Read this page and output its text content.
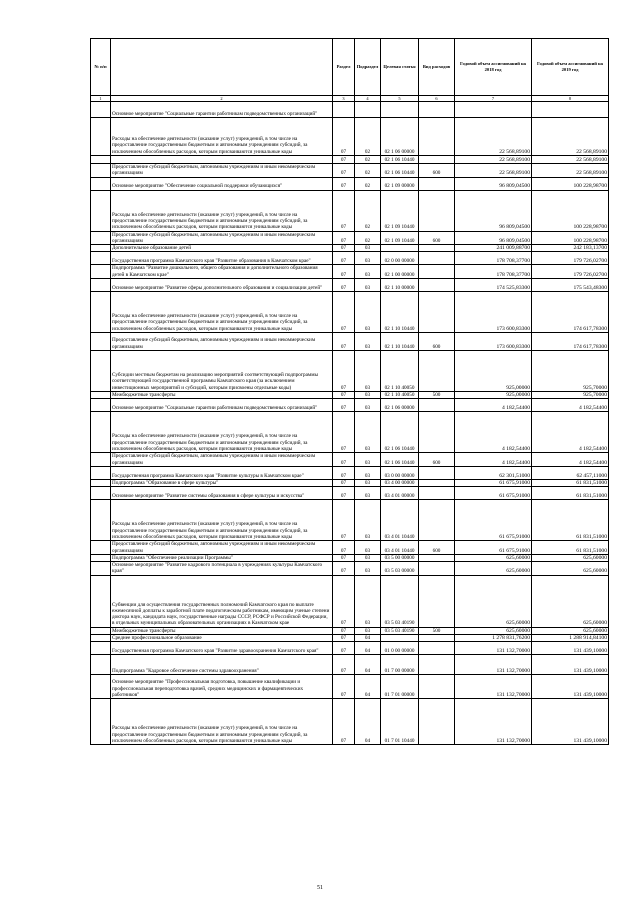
№ п/п		Раздел	Подраздел	Целевая статья	Вид расходов	Годовой объем ассигнований на 2018 год	Годовой объем ассигнований на 2019 год
1	2	3	4	5	6	7	8
	Основное мероприятие "Социальные гарантии работникам подведомственных организаций"						
	Расходы на обеспечение деятельности (оказание услуг) учреждений, в том числе на предоставление государственным бюджетным и автономным учреждениям субсидий, за исключением обособленных расходов, которым присваиваются уникальные коды	07	02	02 1 06 00000		22 568,89100	22 568,89100
		07	02	02 1 06 10440		22 568,89100	22 568,89100
	Предоставление субсидий бюджетным, автономным учреждениям и иным некоммерческим организациям	07	02	02 1 06 10440	600	22 568,89100	22 568,89100
	Основное мероприятие "Обеспечение социальной поддержки обучающихся"	07	02	02 1 09 00000		96 809,04500	100 228,98700
	Расходы на обеспечение деятельности (оказание услуг) учреждений, в том числе на предоставление государственным бюджетным и автономным учреждениям субсидий, за исключением обособленных расходов, которым присваиваются уникальные коды	07	02	02 1 09 10440		96 809,04500	100 228,98700
	Предоставление субсидий бюджетным, автономным учреждениям и иным некоммерческим организациям	07	02	02 1 09 10440	600	96 809,04500	100 228,98700
	Дополнительное образование детей	07	03			241 009,88700	242 183,13700
	Государственная программа Камчатского края "Развитие образования в Камчатском крае"	07	03	02 0 00 00000		178 708,37700	179 726,02700
	Подпрограмма "Развитие дошкольного, общего образования и дополнительного образования детей в Камчатском крае"	07	03	02 1 00 00000		178 708,37700	179 726,02700
	Основное мероприятие "Развитие сферы дополнительного образования и социализации детей"	07	03	02 1 10 00000		174 525,83300	175 543,48300
	Расходы на обеспечение деятельности (оказание услуг) учреждений, в том числе на предоставление государственным бюджетным и автономным учреждениям субсидий, за исключением обособленных расходов, которым присваиваются уникальные коды	07	03	02 1 10 10440		173 600,83300	174 617,78300
	Предоставление субсидий бюджетным, автономным учреждениям и иным некоммерческим организациям	07	03	02 1 10 10440	600	173 600,83300	174 617,78300
	Субсидии местным бюджетам на реализацию мероприятий соответствующей подпрограммы соответствующей государственной программы Камчатского края (за исключением инвестиционных мероприятий и субсидий, которым присвоены отдельные коды)	07	03	02 1 10 40050		925,00000	925,70000
	Межбюджетные трансферты	07	03	02 1 10 40050	500	925,00000	925,70000
	Основное мероприятие "Социальные гарантии работникам подведомственных организаций"	07	03	02 1 06 00000		4 182,54400	4 182,54400
	Расходы на обеспечение деятельности (оказание услуг) учреждений, в том числе на предоставление государственным бюджетным и автономным учреждениям субсидий, за исключением обособленных расходов, которым присваиваются уникальные коды	07	03	02 1 06 10440		4 182,54400	4 182,54400
	Предоставление субсидий бюджетным, автономным учреждениям и иным некоммерческим организациям	07	03	02 1 06 10440	600	4 182,54400	4 182,54400
	Государственная программа Камчатского края "Развитие культуры в Камчатском крае"	07	03	03 0 00 00000		62 301,51000	62 457,11000
	Подпрограмма "Образование в сфере культуры"	07	03	03 4 00 00000		61 675,91000	61 831,51000
	Основное мероприятие "Развитие системы образования в сфере культуры и искусства"	07	03	03 4 01 00000		61 675,91000	61 831,51000
	Расходы на обеспечение деятельности (оказание услуг) учреждений, в том числе на предоставление государственным бюджетным и автономным учреждениям субсидий, за исключением обособленных расходов, которым присваиваются уникальные коды	07	03	03 4 01 10440		61 675,91000	61 831,51000
	Предоставление субсидий бюджетным, автономным учреждениям и иным некоммерческим организациям	07	03	03 4 01 10440	600	61 675,91000	61 831,51000
	Подпрограмма "Обеспечение реализации Программы"	07	03	03 5 00 00000		625,60000	625,60000
	Основное мероприятие "Развитие кадрового потенциала в учреждениях культуры Камчатского края"	07	03	03 5 03 00000		625,60000	625,60000
	Субвенции для осуществления государственных полномочий Камчатского края по выплате ежемесячной доплаты к заработной плате педагогическим работникам, имеющим ученые степени доктора наук, кандидата наук, государственные награды СССР, РСФСР и Российской Федерации, в отдельных муниципальных образовательных организациях в Камчатском крае	07	03	03 5 03 40190		625,60000	625,60000
	Межбюджетные трансферты	07	03	03 5 03 40190	500	625,60000	625,60000
	Среднее профессиональное образование	07	04			1 278 831,76200	1 288 914,84100
	Государственная программа Камчатского края "Развитие здравоохранения Камчатского края"	07	04	01 0 00 00000		131 132,70000	131 439,10000
	Подпрограмма "Кадровое обеспечение системы здравоохранения"	07	04	01 7 00 00000		131 132,70000	131 439,10000
	Основное мероприятие "Профессиональная подготовка, повышение квалификации и профессиональная переподготовка врачей, средних медицинских и фармацевтических работников"	07	04	01 7 01 00000		131 132,70000	131 439,10000
	Расходы на обеспечение деятельности (оказание услуг) учреждений, в том числе на предоставление государственным бюджетным и автономным учреждениям субсидий, за исключением обособленных расходов, которым присваиваются уникальные коды	07	04	01 7 01 10440		131 132,70000	131 439,10000
51
